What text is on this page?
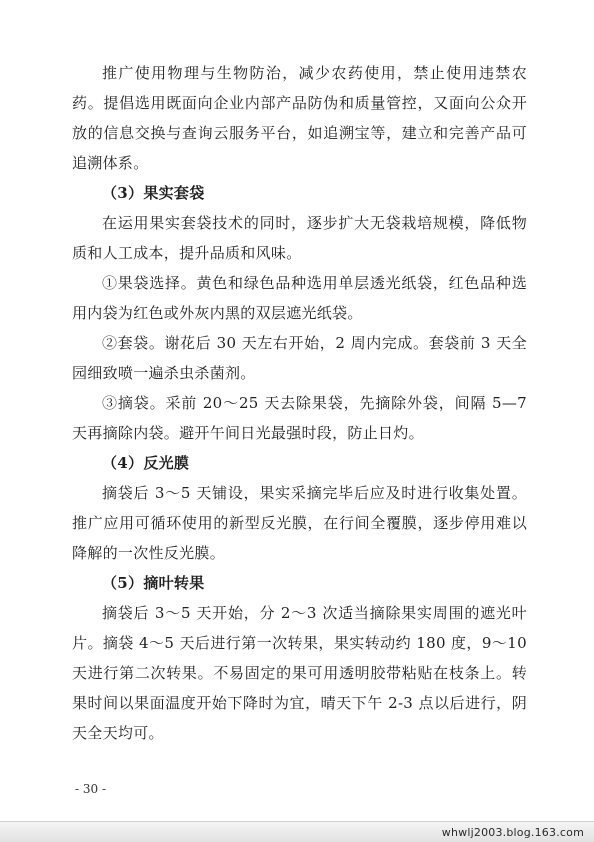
推广使用物理与生物防治，减少农药使用，禁止使用违禁农药。提倡选用既面向企业内部产品防伪和质量管控，又面向公众开放的信息交换与查询云服务平台，如追溯宝等，建立和完善产品可追溯体系。

（3）果实套袋

在运用果实套袋技术的同时，逐步扩大无袋栽培规模，降低物质和人工成本，提升品质和风味。

①果袋选择。黄色和绿色品种选用单层透光纸袋，红色品种选用内袋为红色或外灰内黑的双层遮光纸袋。

②套袋。谢花后 30 天左右开始，2 周内完成。套袋前 3 天全园细致喷一遍杀虫杀菌剂。

③摘袋。采前 20～25 天去除果袋，先摘除外袋，间隔 5—7 天再摘除内袋。避开午间日光最强时段，防止日灼。

（4）反光膜

摘袋后 3～5 天铺设，果实采摘完毕后应及时进行收集处置。推广应用可循环使用的新型反光膜，在行间全覆膜，逐步停用难以降解的一次性反光膜。

（5）摘叶转果

摘袋后 3～5 天开始，分 2～3 次适当摘除果实周围的遮光叶片。摘袋 4～5 天后进行第一次转果，果实转动约 180 度，9～10 天进行第二次转果。不易固定的果可用透明胶带粘贴在枝条上。转果时间以果面温度开始下降时为宜，晴天下午 2-3 点以后进行，阴天全天均可。

- 30 -
whwlj2003.blog.163.com
